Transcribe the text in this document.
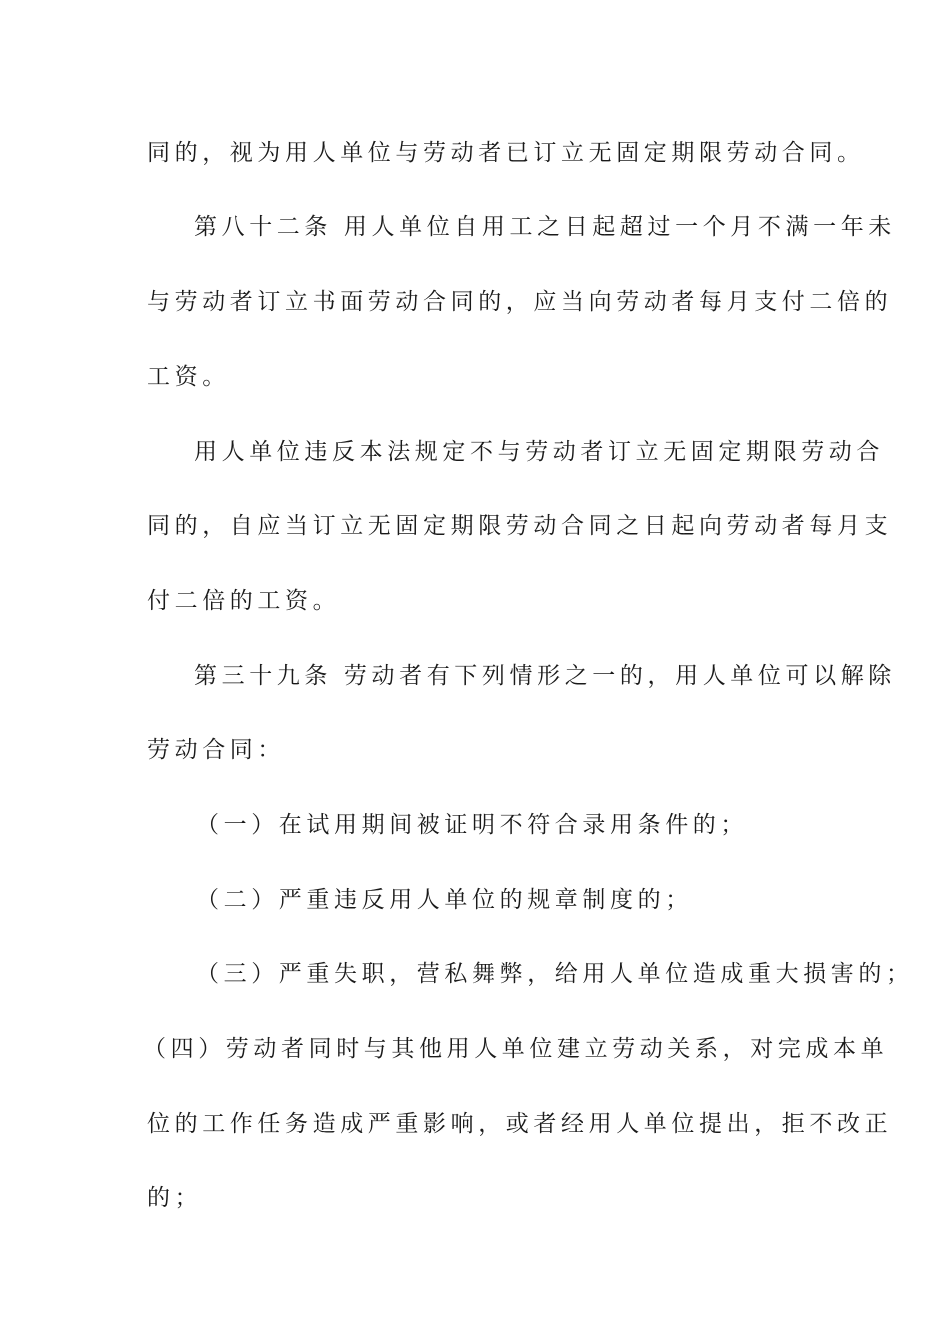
同的，视为用人单位与劳动者已订立无固定期限劳动合同。
第八十二条 用人单位自用工之日起超过一个月不满一年未
与劳动者订立书面劳动合同的，应当向劳动者每月支付二倍的
工资。
用人单位违反本法规定不与劳动者订立无固定期限劳动合
同的，自应当订立无固定期限劳动合同之日起向劳动者每月支
付二倍的工资。
第三十九条 劳动者有下列情形之一的，用人单位可以解除
劳动合同：
（一）在试用期间被证明不符合录用条件的；
（二）严重违反用人单位的规章制度的；
（三）严重失职，营私舞弊，给用人单位造成重大损害的；
（四）劳动者同时与其他用人单位建立劳动关系，对完成本单
位的工作任务造成严重影响，或者经用人单位提出，拒不改正
的；
